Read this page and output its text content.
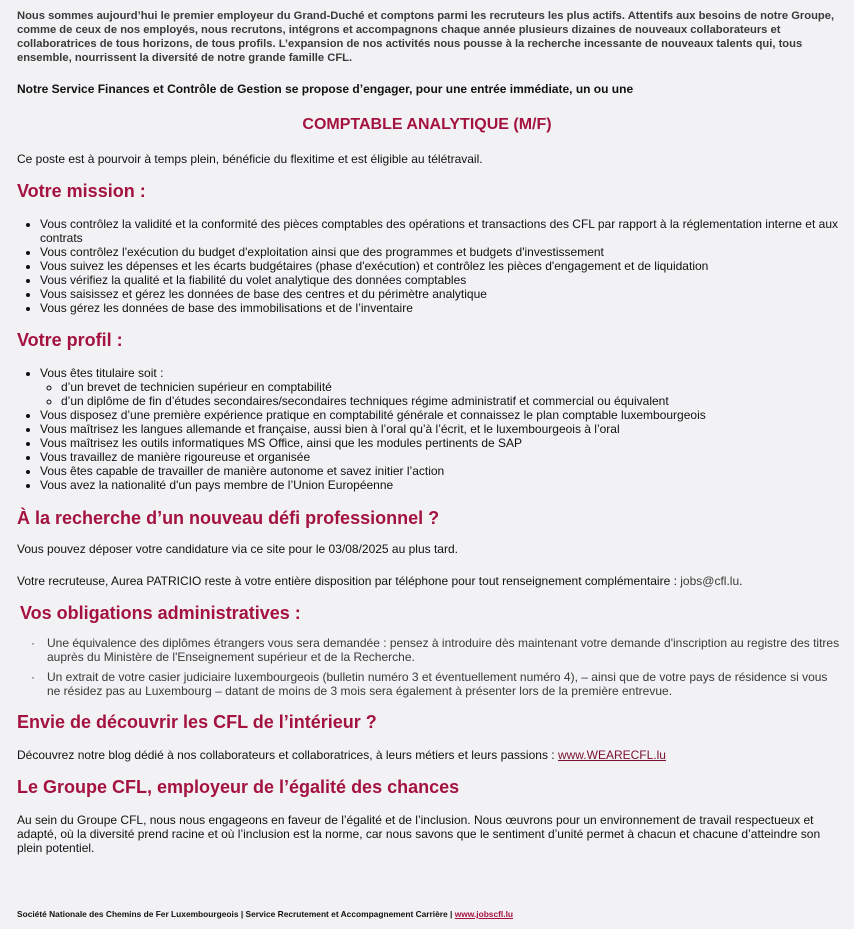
Nous sommes aujourd’hui le premier employeur du Grand-Duché et comptons parmi les recruteurs les plus actifs. Attentifs aux besoins de notre Groupe, comme de ceux de nos employés, nous recrutons, intégrons et accompagnons chaque année plusieurs dizaines de nouveaux collaborateurs et collaboratrices de tous horizons, de tous profils. L’expansion de nos activités nous pousse à la recherche incessante de nouveaux talents qui, tous ensemble, nourrissent la diversité de notre grande famille CFL.

Notre Service Finances et Contrôle de Gestion se propose d’engager, pour une entrée immédiate, un ou une

COMPTABLE ANALYTIQUE (M/F)

Ce poste est à pourvoir à temps plein, bénéficie du flexitime et est éligible au télétravail.

Votre mission :
• Vous contrôlez la validité et la conformité des pièces comptables des opérations et transactions des CFL par rapport à la réglementation interne et aux contrats
• Vous contrôlez l'exécution du budget d'exploitation ainsi que des programmes et budgets d'investissement
• Vous suivez les dépenses et les écarts budgétaires (phase d'exécution) et contrôlez les pièces d'engagement et de liquidation
• Vous vérifiez la qualité et la fiabilité du volet analytique des données comptables
• Vous saisissez et gérez les données de base des centres et du périmètre analytique
• Vous gérez les données de base des immobilisations et de l’inventaire
Votre profil :
• Vous êtes titulaire soit :
◦ d’un brevet de technicien supérieur en comptabilité
◦ d’un diplôme de fin d’études secondaires/secondaires techniques régime administratif et commercial ou équivalent
• Vous disposez d’une première expérience pratique en comptabilité générale et connaissez le plan comptable luxembourgeois
• Vous maîtrisez les langues allemande et française, aussi bien à l’oral qu’à l’écrit, et le luxembourgeois à l’oral
• Vous maîtrisez les outils informatiques MS Office, ainsi que les modules pertinents de SAP
• Vous travaillez de manière rigoureuse et organisée
• Vous êtes capable de travailler de manière autonome et savez initier l’action
• Vous avez la nationalité d'un pays membre de l’Union Européenne
À la recherche d’un nouveau défi professionnel ?

Vous pouvez déposer votre candidature via ce site pour le 03/08/2025 au plus tard.

Votre recruteuse, Aurea PATRICIO reste à votre entière disposition par téléphone pour tout renseignement complémentaire : jobs@cfl.lu.

Vos obligations administratives :
· Une équivalence des diplômes étrangers vous sera demandée : pensez à introduire dès maintenant votre demande d'inscription au registre des titres auprès du Ministère de l'Enseignement supérieur et de la Recherche.
· Un extrait de votre casier judiciaire luxembourgeois (bulletin numéro 3 et éventuellement numéro 4), – ainsi que de votre pays de résidence si vous ne résidez pas au Luxembourg – datant de moins de 3 mois sera également à présenter lors de la première entrevue.
Envie de découvrir les CFL de l’intérieur ?

Découvrez notre blog dédié à nos collaborateurs et collaboratrices, à leurs métiers et leurs passions : www.WEARECFL.lu

Le Groupe CFL, employeur de l’égalité des chances

Au sein du Groupe CFL, nous nous engageons en faveur de l’égalité et de l’inclusion. Nous œuvrons pour un environnement de travail respectueux et adapté, où la diversité prend racine et où l’inclusion est la norme, car nous savons que le sentiment d’unité permet à chacun et chacune d’atteindre son plein potentiel.

Société Nationale des Chemins de Fer Luxembourgeois | Service Recrutement et Accompagnement Carrière | www.jobscfl.lu
